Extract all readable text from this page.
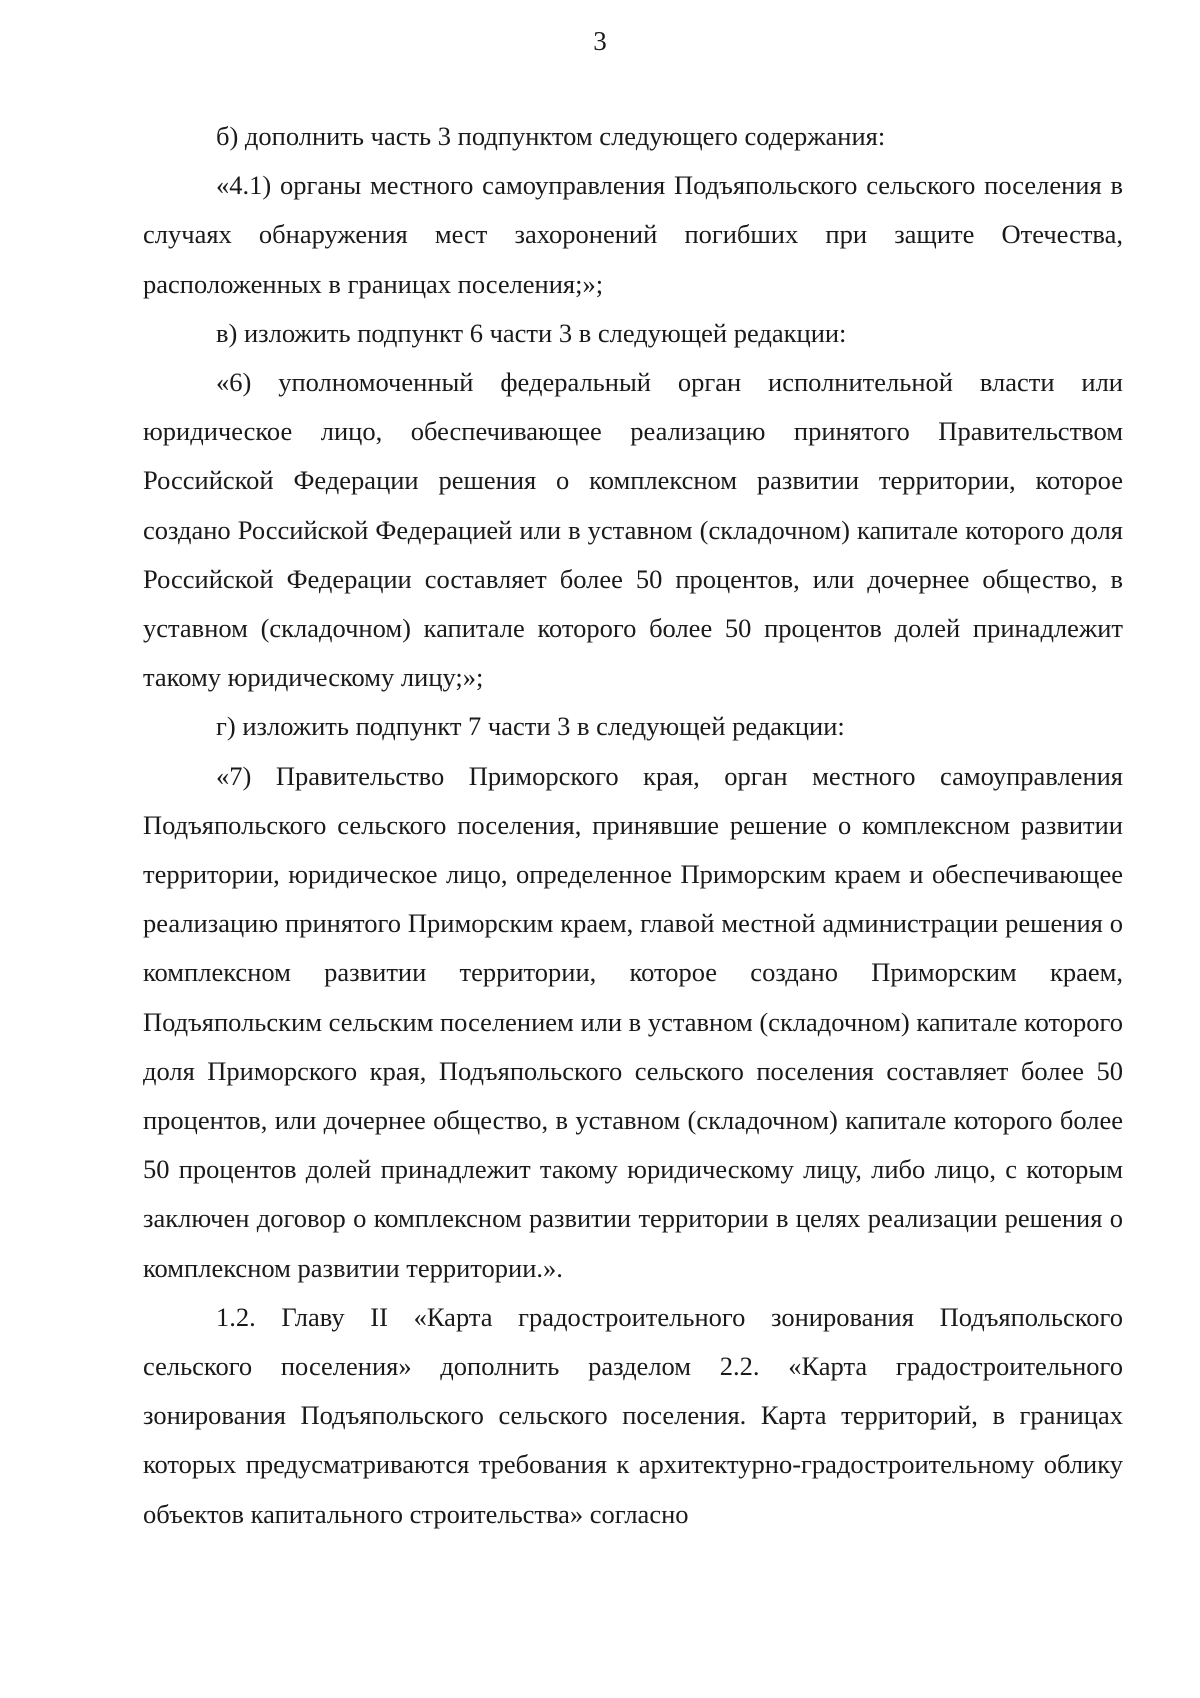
3

б) дополнить часть 3 подпунктом следующего содержания:

«4.1) органы местного самоуправления Подъяпольского сельского поселения в случаях обнаружения мест захоронений погибших при защите Отечества, расположенных в границах поселения;»;

в) изложить подпункт 6 части 3 в следующей редакции:

«6) уполномоченный федеральный орган исполнительной власти или юридическое лицо, обеспечивающее реализацию принятого Правительством Российской Федерации решения о комплексном развитии территории, которое создано Российской Федерацией или в уставном (складочном) капитале которого доля Российской Федерации составляет более 50 процентов, или дочернее общество, в уставном (складочном) капитале которого более 50 процентов долей принадлежит такому юридическому лицу;»;

г) изложить подпункт 7 части 3 в следующей редакции:

«7) Правительство Приморского края, орган местного самоуправления Подъяпольского сельского поселения, принявшие решение о комплексном развитии территории, юридическое лицо, определенное Приморским краем и обеспечивающее реализацию принятого Приморским краем, главой местной администрации решения о комплексном развитии территории, которое создано Приморским краем, Подъяпольским сельским поселением или в уставном (складочном) капитале которого доля Приморского края, Подъяпольского сельского поселения составляет более 50 процентов, или дочернее общество, в уставном (складочном) капитале которого более 50 процентов долей принадлежит такому юридическому лицу, либо лицо, с которым заключен договор о комплексном развитии территории в целях реализации решения о комплексном развитии территории.».

1.2. Главу II «Карта градостроительного зонирования Подъяпольского сельского поселения» дополнить разделом 2.2. «Карта градостроительного зонирования Подъяпольского сельского поселения. Карта территорий, в границах которых предусматриваются требования к архитектурно-градостроительному облику объектов капитального строительства» согласно
